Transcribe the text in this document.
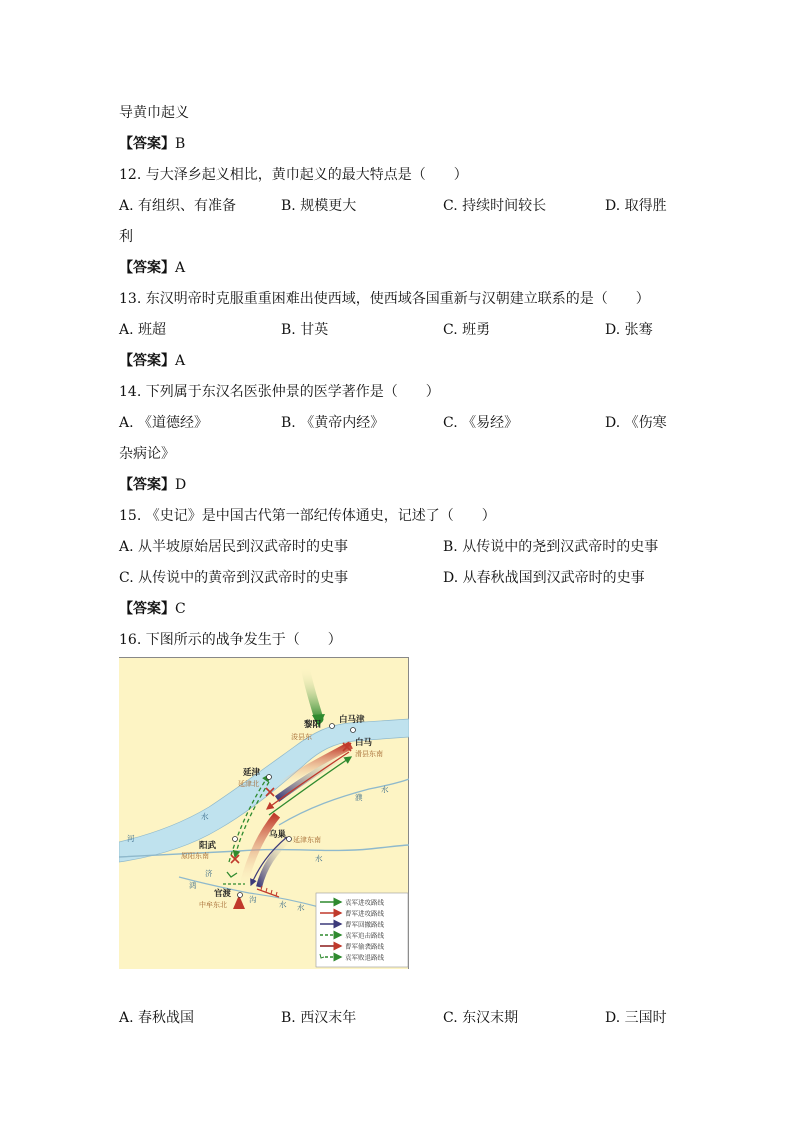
导黄巾起义
【答案】B
12. 与大泽乡起义相比，黄巾起义的最大特点是（　　）
A. 有组织、有准备	B. 规模更大	C. 持续时间较长	D. 取得胜
利
【答案】A
13. 东汉明帝时克服重重困难出使西域，使西域各国重新与汉朝建立联系的是（　　）
A. 班超	B. 甘英	C. 班勇	D. 张骞
【答案】A
14. 下列属于东汉名医张仲景的医学著作是（　　）
A. 《道德经》	B. 《黄帝内经》	C. 《易经》	D. 《伤寒
杂病论》
【答案】D
15. 《史记》是中国古代第一部纪传体通史，记述了（　　）
A. 从半坡原始居民到汉武帝时的史事	B. 从传说中的尧到汉武帝时的史事
C. 从传说中的黄帝到汉武帝时的史事	D. 从春秋战国到汉武帝时的史事
【答案】C
16. 下图所示的战争发生于（　　）
黎阳
浚县东
白马津
白马
滑县东南
延津
延津北
阳武
原阳东南
乌巢 延津东南
官渡
中牟东北
河
水
濮
水
水
济
水
鸿
沟
水
袁军进攻路线
曹军进攻路线
曹军回撤路线
袁军追击路线
曹军偷袭路线
袁军败退路线
A. 春秋战国	B. 西汉末年	C. 东汉末期	D. 三国时
